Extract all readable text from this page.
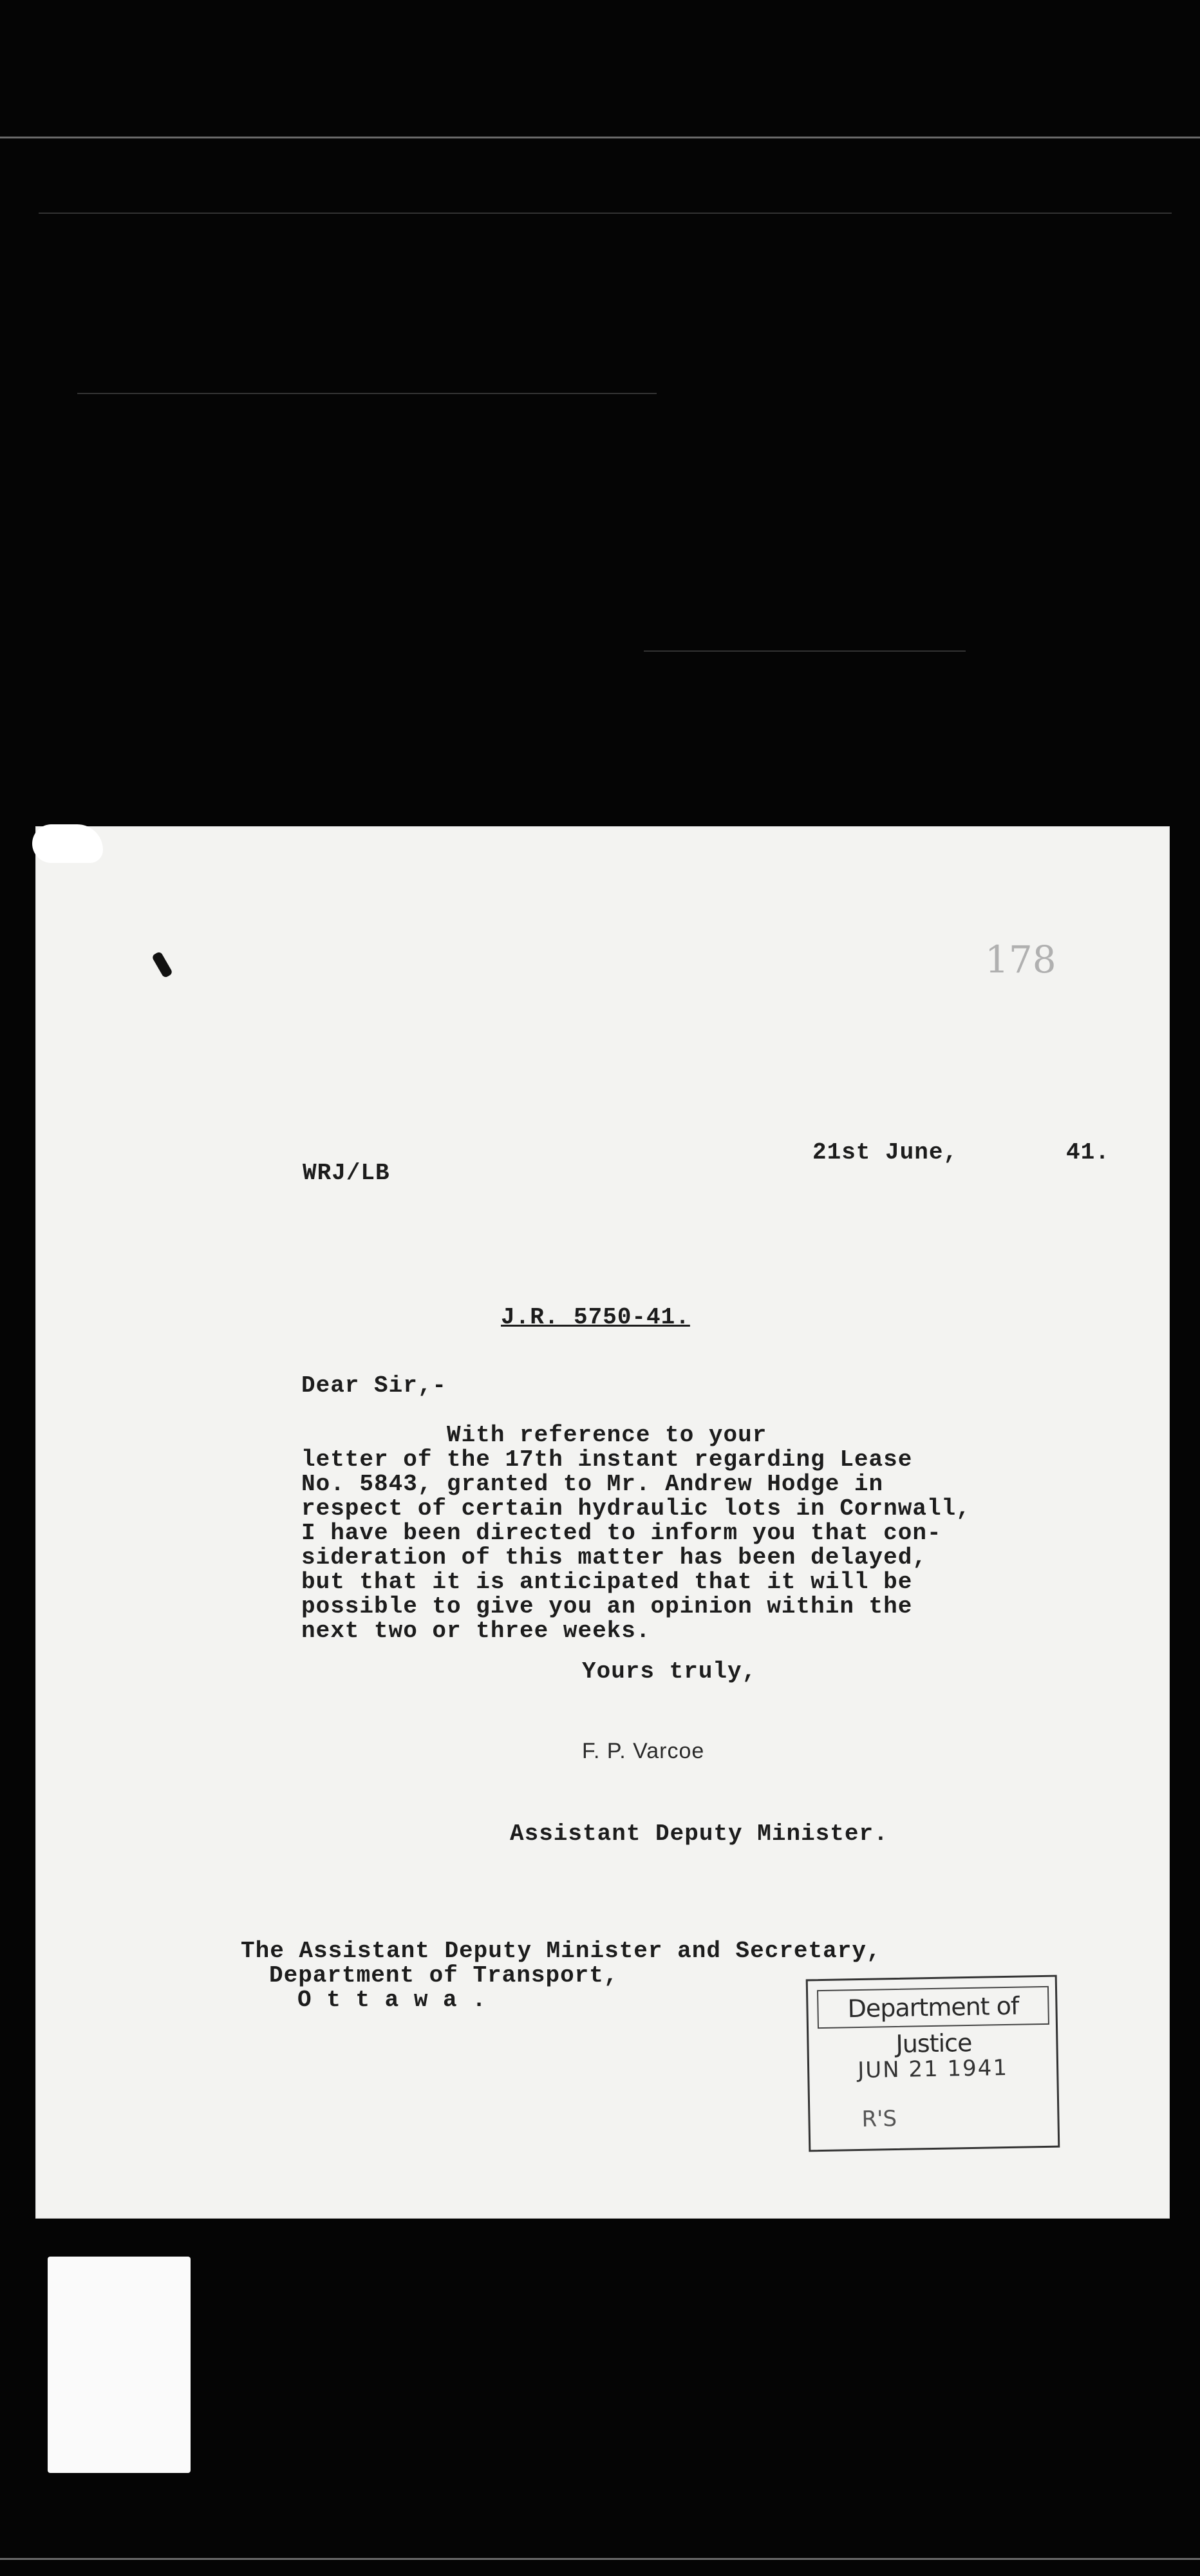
178
WRJ/LB
21st June,	41.
J.R. 5750-41.
Dear Sir,-
With reference to your
letter of the 17th instant regarding Lease
No. 5843, granted to Mr. Andrew Hodge in
respect of certain hydraulic lots in Cornwall,
I have been directed to inform you that con-
sideration of this matter has been delayed,
but that it is anticipated that it will be
possible to give you an opinion within the
next two or three weeks.
Yours truly,
F. P. Varcoe
Assistant Deputy Minister.
The Assistant Deputy Minister and Secretary,
Department of Transport,
O t t a w a .	Department of Justice
JUN 21 1941
R'S
